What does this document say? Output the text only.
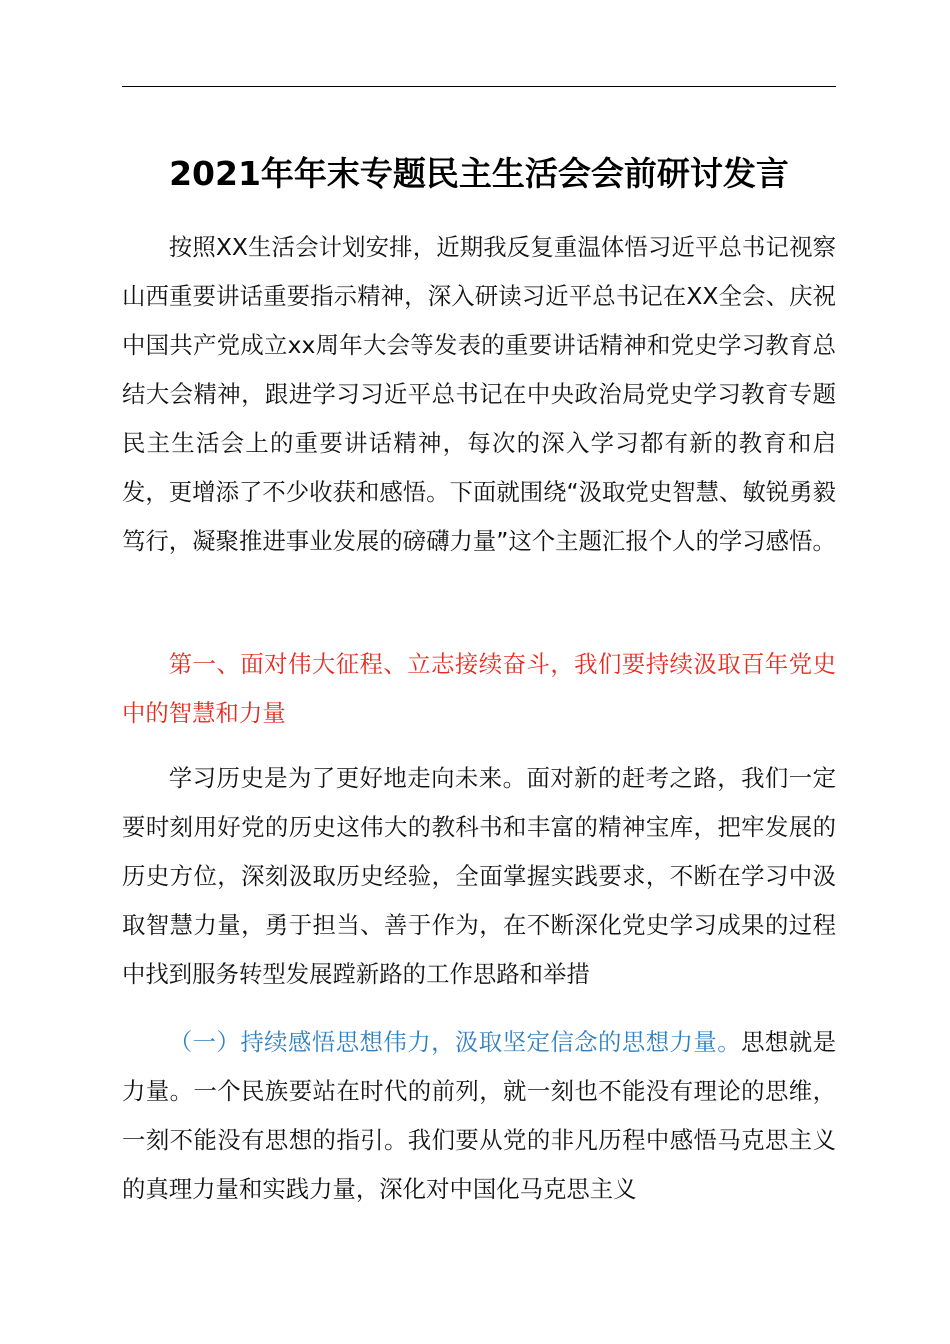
2021年年末专题民主生活会会前研讨发言

按照XX生活会计划安排，近期我反复重温体悟习近平总书记视察山西重要讲话重要指示精神，深入研读习近平总书记在XX全会、庆祝中国共产党成立xx周年大会等发表的重要讲话精神和党史学习教育总结大会精神，跟进学习习近平总书记在中央政治局党史学习教育专题民主生活会上的重要讲话精神，每次的深入学习都有新的教育和启发，更增添了不少收获和感悟。下面就围绕“汲取党史智慧、敏锐勇毅笃行，凝聚推进事业发展的磅礴力量”这个主题汇报个人的学习感悟。

第一、面对伟大征程、立志接续奋斗，我们要持续汲取百年党史中的智慧和力量

学习历史是为了更好地走向未来。面对新的赶考之路，我们一定要时刻用好党的历史这伟大的教科书和丰富的精神宝库，把牢发展的历史方位，深刻汲取历史经验，全面掌握实践要求，不断在学习中汲取智慧力量，勇于担当、善于作为，在不断深化党史学习成果的过程中找到服务转型发展蹚新路的工作思路和举措

（一）持续感悟思想伟力，汲取坚定信念的思想力量。思想就是力量。一个民族要站在时代的前列，就一刻也不能没有理论的思维，一刻不能没有思想的指引。我们要从党的非凡历程中感悟马克思主义的真理力量和实践力量，深化对中国化马克思主义
